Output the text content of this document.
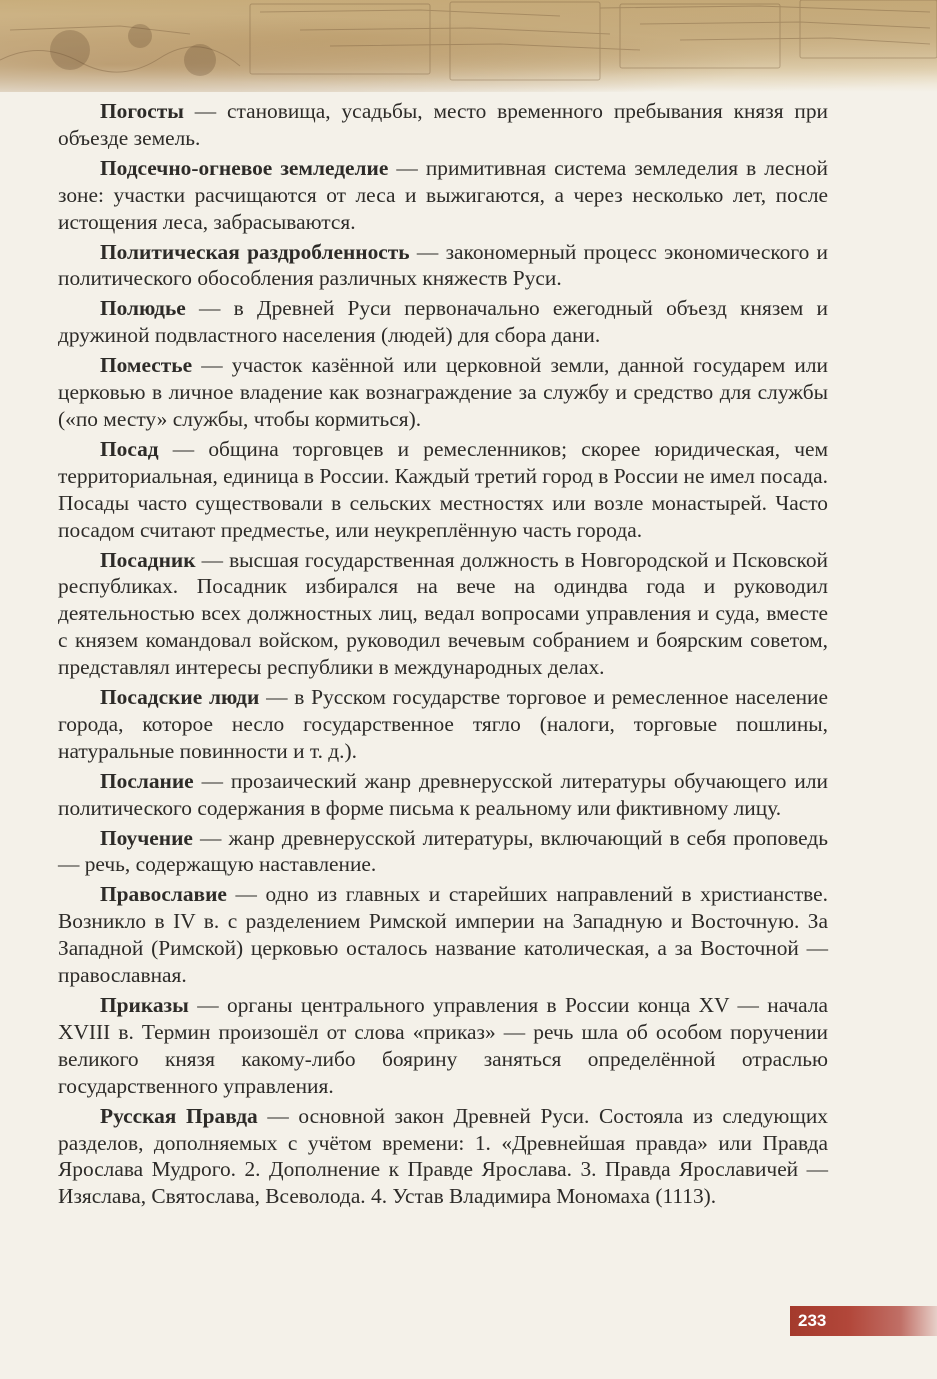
Погосты — становища, усадьбы, место временного пребывания князя при объезде земель.

Подсечно-огневое земледелие — примитивная система земледелия в лесной зоне: участки расчищаются от леса и выжигаются, а через несколько лет, после истощения леса, забрасываются.

Политическая раздробленность — закономерный процесс экономического и политического обособления различных княжеств Руси.

Полюдье — в Древней Руси первоначально ежегодный объезд князем и дружиной подвластного населения (людей) для сбора дани.

Поместье — участок казённой или церковной земли, данной государем или церковью в личное владение как вознаграждение за службу и средство для службы («по месту» службы, чтобы кормиться).

Посад — община торговцев и ремесленников; скорее юридическая, чем территориальная, единица в России. Каждый третий город в России не имел посада. Посады часто существовали в сельских местностях или возле монастырей. Часто посадом считают предместье, или неукреплённую часть города.

Посадник — высшая государственная должность в Новгородской и Псковской республиках. Посадник избирался на вече на одиндва года и руководил деятельностью всех должностных лиц, ведал вопросами управления и суда, вместе с князем командовал войском, руководил вечевым собранием и боярским советом, представлял интересы республики в международных делах.

Посадские люди — в Русском государстве торговое и ремесленное население города, которое несло государственное тягло (налоги, торговые пошлины, натуральные повинности и т. д.).

Послание — прозаический жанр древнерусской литературы обучающего или политического содержания в форме письма к реальному или фиктивному лицу.

Поучение — жанр древнерусской литературы, включающий в себя проповедь — речь, содержащую наставление.

Православие — одно из главных и старейших направлений в христианстве. Возникло в IV в. с разделением Римской империи на Западную и Восточную. За Западной (Римской) церковью осталось название католическая, а за Восточной — православная.

Приказы — органы центрального управления в России конца XV — начала XVIII в. Термин произошёл от слова «приказ» — речь шла об особом поручении великого князя какому-либо боярину заняться определённой отраслью государственного управления.

Русская Правда — основной закон Древней Руси. Состояла из следующих разделов, дополняемых с учётом времени: 1. «Древнейшая правда» или Правда Ярослава Мудрого. 2. Дополнение к Правде Ярослава. 3. Правда Ярославичей — Изяслава, Святослава, Всеволода. 4. Устав Владимира Мономаха (1113).

233
